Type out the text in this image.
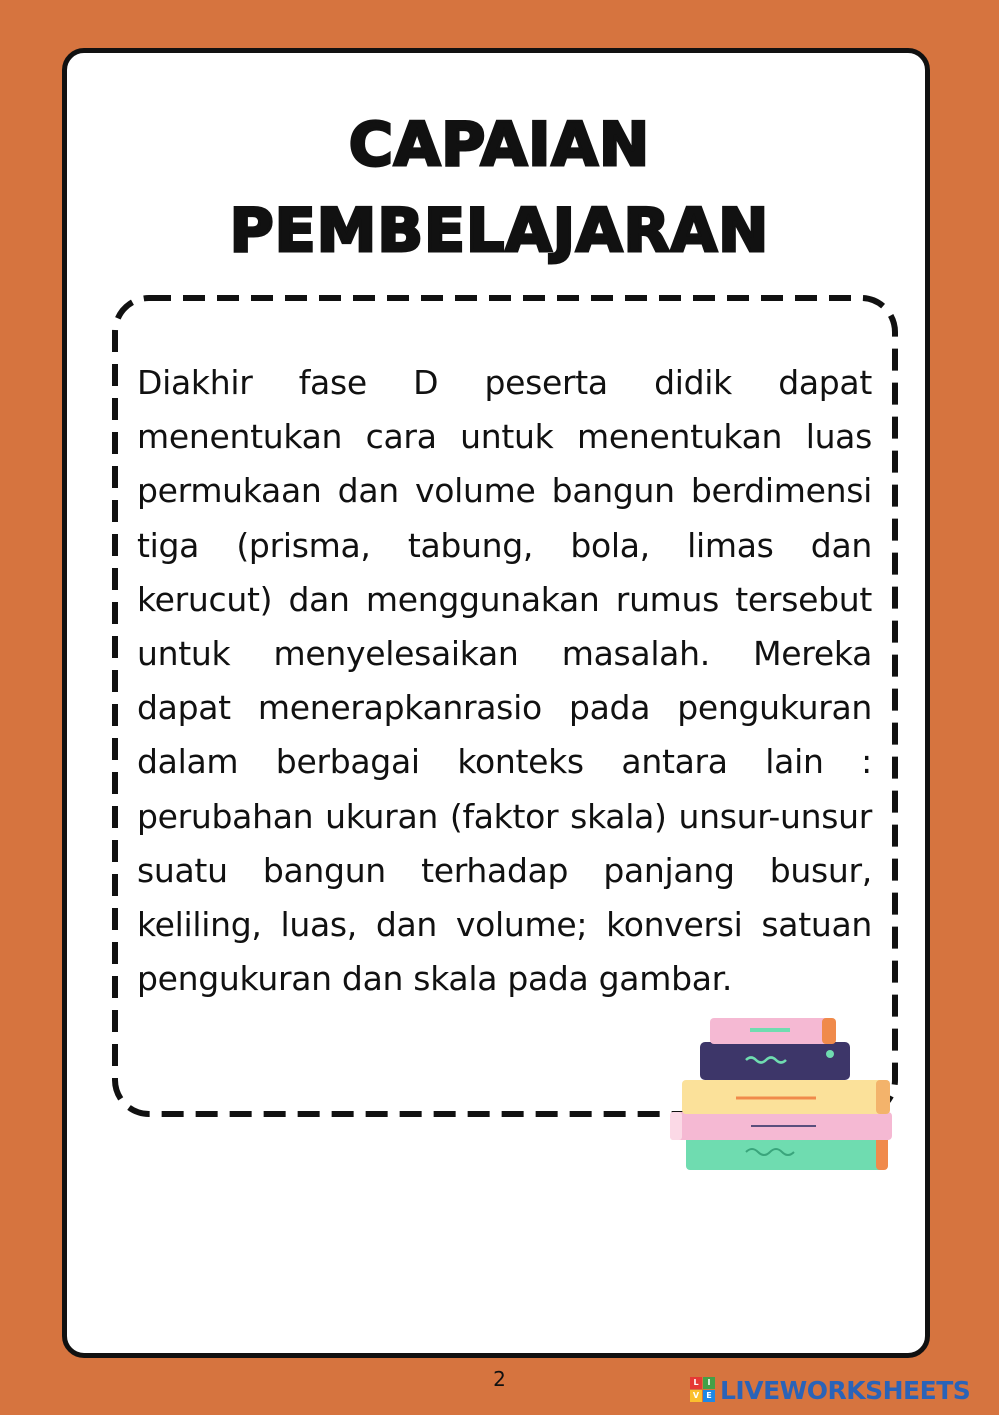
CAPAIAN
PEMBELAJARAN

Diakhir fase D peserta didik dapat menentukan cara untuk menentukan luas permukaan dan volume bangun berdimensi tiga (prisma, tabung, bola, limas dan kerucut) dan menggunakan rumus tersebut untuk menyelesaikan masalah. Mereka dapat menerapkanrasio pada pengukuran dalam berbagai konteks antara lain : perubahan ukuran (faktor skala) unsur-unsur suatu bangun terhadap panjang busur, keliling, luas, dan volume; konversi satuan pengukuran dan skala pada gambar.

2	L	I
V E LIVEWORKSHEETS
